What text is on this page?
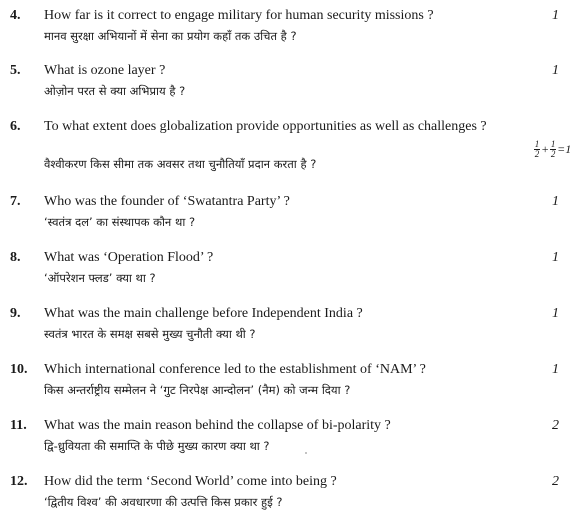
4. How far is it correct to engage military for human security missions ?
मानव सुरक्षा अभियानों में सेना का प्रयोग कहाँ तक उचित है ?
1
5. What is ozone layer ?
ओज़ोन परत से क्या अभिप्राय है ?
1
6. To what extent does globalization provide opportunities as well as challenges ?
वैश्वीकरण किस सीमा तक अवसर तथा चुनौतियाँ प्रदान करता है ?
$\frac{1}{2} + \frac{1}{2} =1$
7. Who was the founder of ‘Swatantra Party’ ?
‘स्वतंत्र दल’ का संस्थापक कौन था ?
1
8. What was ‘Operation Flood’ ?
‘ऑपरेशन फ्लड’ क्या था ?
1
9. What was the main challenge before Independent India ?
स्वतंत्र भारत के समक्ष सबसे मुख्य चुनौती क्या थी ?
1
10. Which international conference led to the establishment of ‘NAM’ ?
किस अन्तर्राष्ट्रीय सम्मेलन ने ‘गुट निरपेक्ष आन्दोलन’ (नैम) को जन्म दिया ?
1
11. What was the main reason behind the collapse of bi-polarity ?
द्वि-ध्रुवियता की समाप्ति के पीछे मुख्य कारण क्या था ?
2
12. How did the term ‘Second World’ come into being ?
‘द्वितीय विश्व’ की अवधारणा की उत्पत्ति किस प्रकार हुई ?
2
